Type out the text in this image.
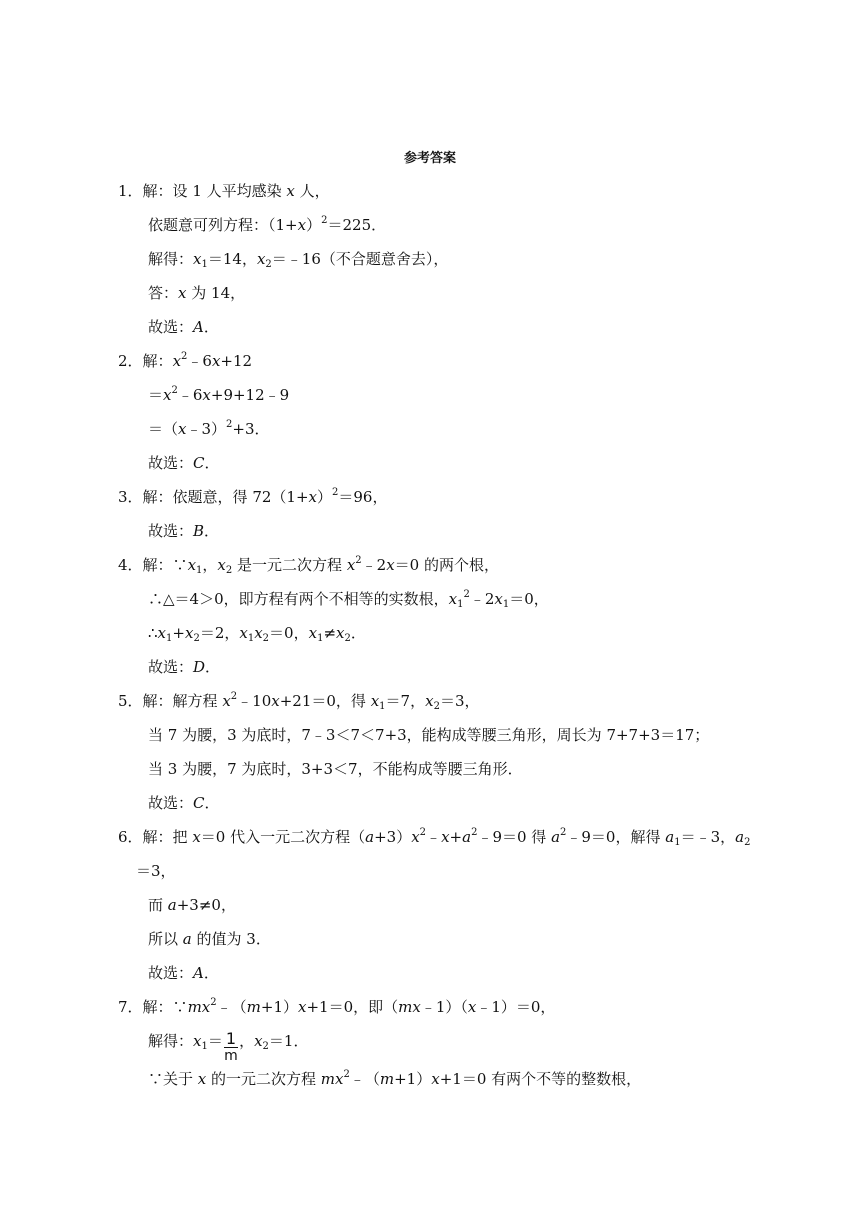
参考答案
1．解：设 1 人平均感染 x 人，
依题意可列方程：$(1+x)^2=225$．
解得：$x_1=14$，$x_2=﹣16$（不合题意舍去），
答：x 为 14，
故选：A．
2．解：$x^2﹣6x+12$
$=x^2﹣6x+9+12﹣9$
＝（x﹣3）$^2$+3．
故选：C．
3．解：依题意，得 $72(1+x)^2=96$，
故选：B．
4．解：$\because x_1$，$x_2$ 是一元二次方程 $x^2﹣2x=0$ 的两个根，
∴△＝4＞0，即方程有两个不相等的实数根，$x_1^2﹣2x_1=0$，
$\therefore x_1+x_2=2$，$x_1x_2=0$，$x_1\ne x_2$．
故选：D．
5．解：解方程 $x^2﹣10x+21=0$，得 $x_1=7$，$x_2=3$，
当 7 为腰，3 为底时，7﹣3＜7＜7+3，能构成等腰三角形，周长为 7+7+3＝17；
当 3 为腰，7 为底时，3+3＜7，不能构成等腰三角形．
故选：C．
6．解：把 x＝0 代入一元二次方程$(a+3)x^2﹣x+a^2﹣9=0$ 得 $a^2﹣9=0$，解得 $a_1=﹣3$，$a_2$
＝3，
而 a+3≠0，
所以 a 的值为 3．
故选：A．
7．解：$\because mx^2﹣(m+1)x+1=0$，即（mx﹣1）（x﹣1）＝0，
解得：$x_1= \frac{1}{m}$ ，$x_2=1$．
∵关于 x 的一元二次方程 $mx^2﹣(m+1)x+1=0$ 有两个不等的整数根，
